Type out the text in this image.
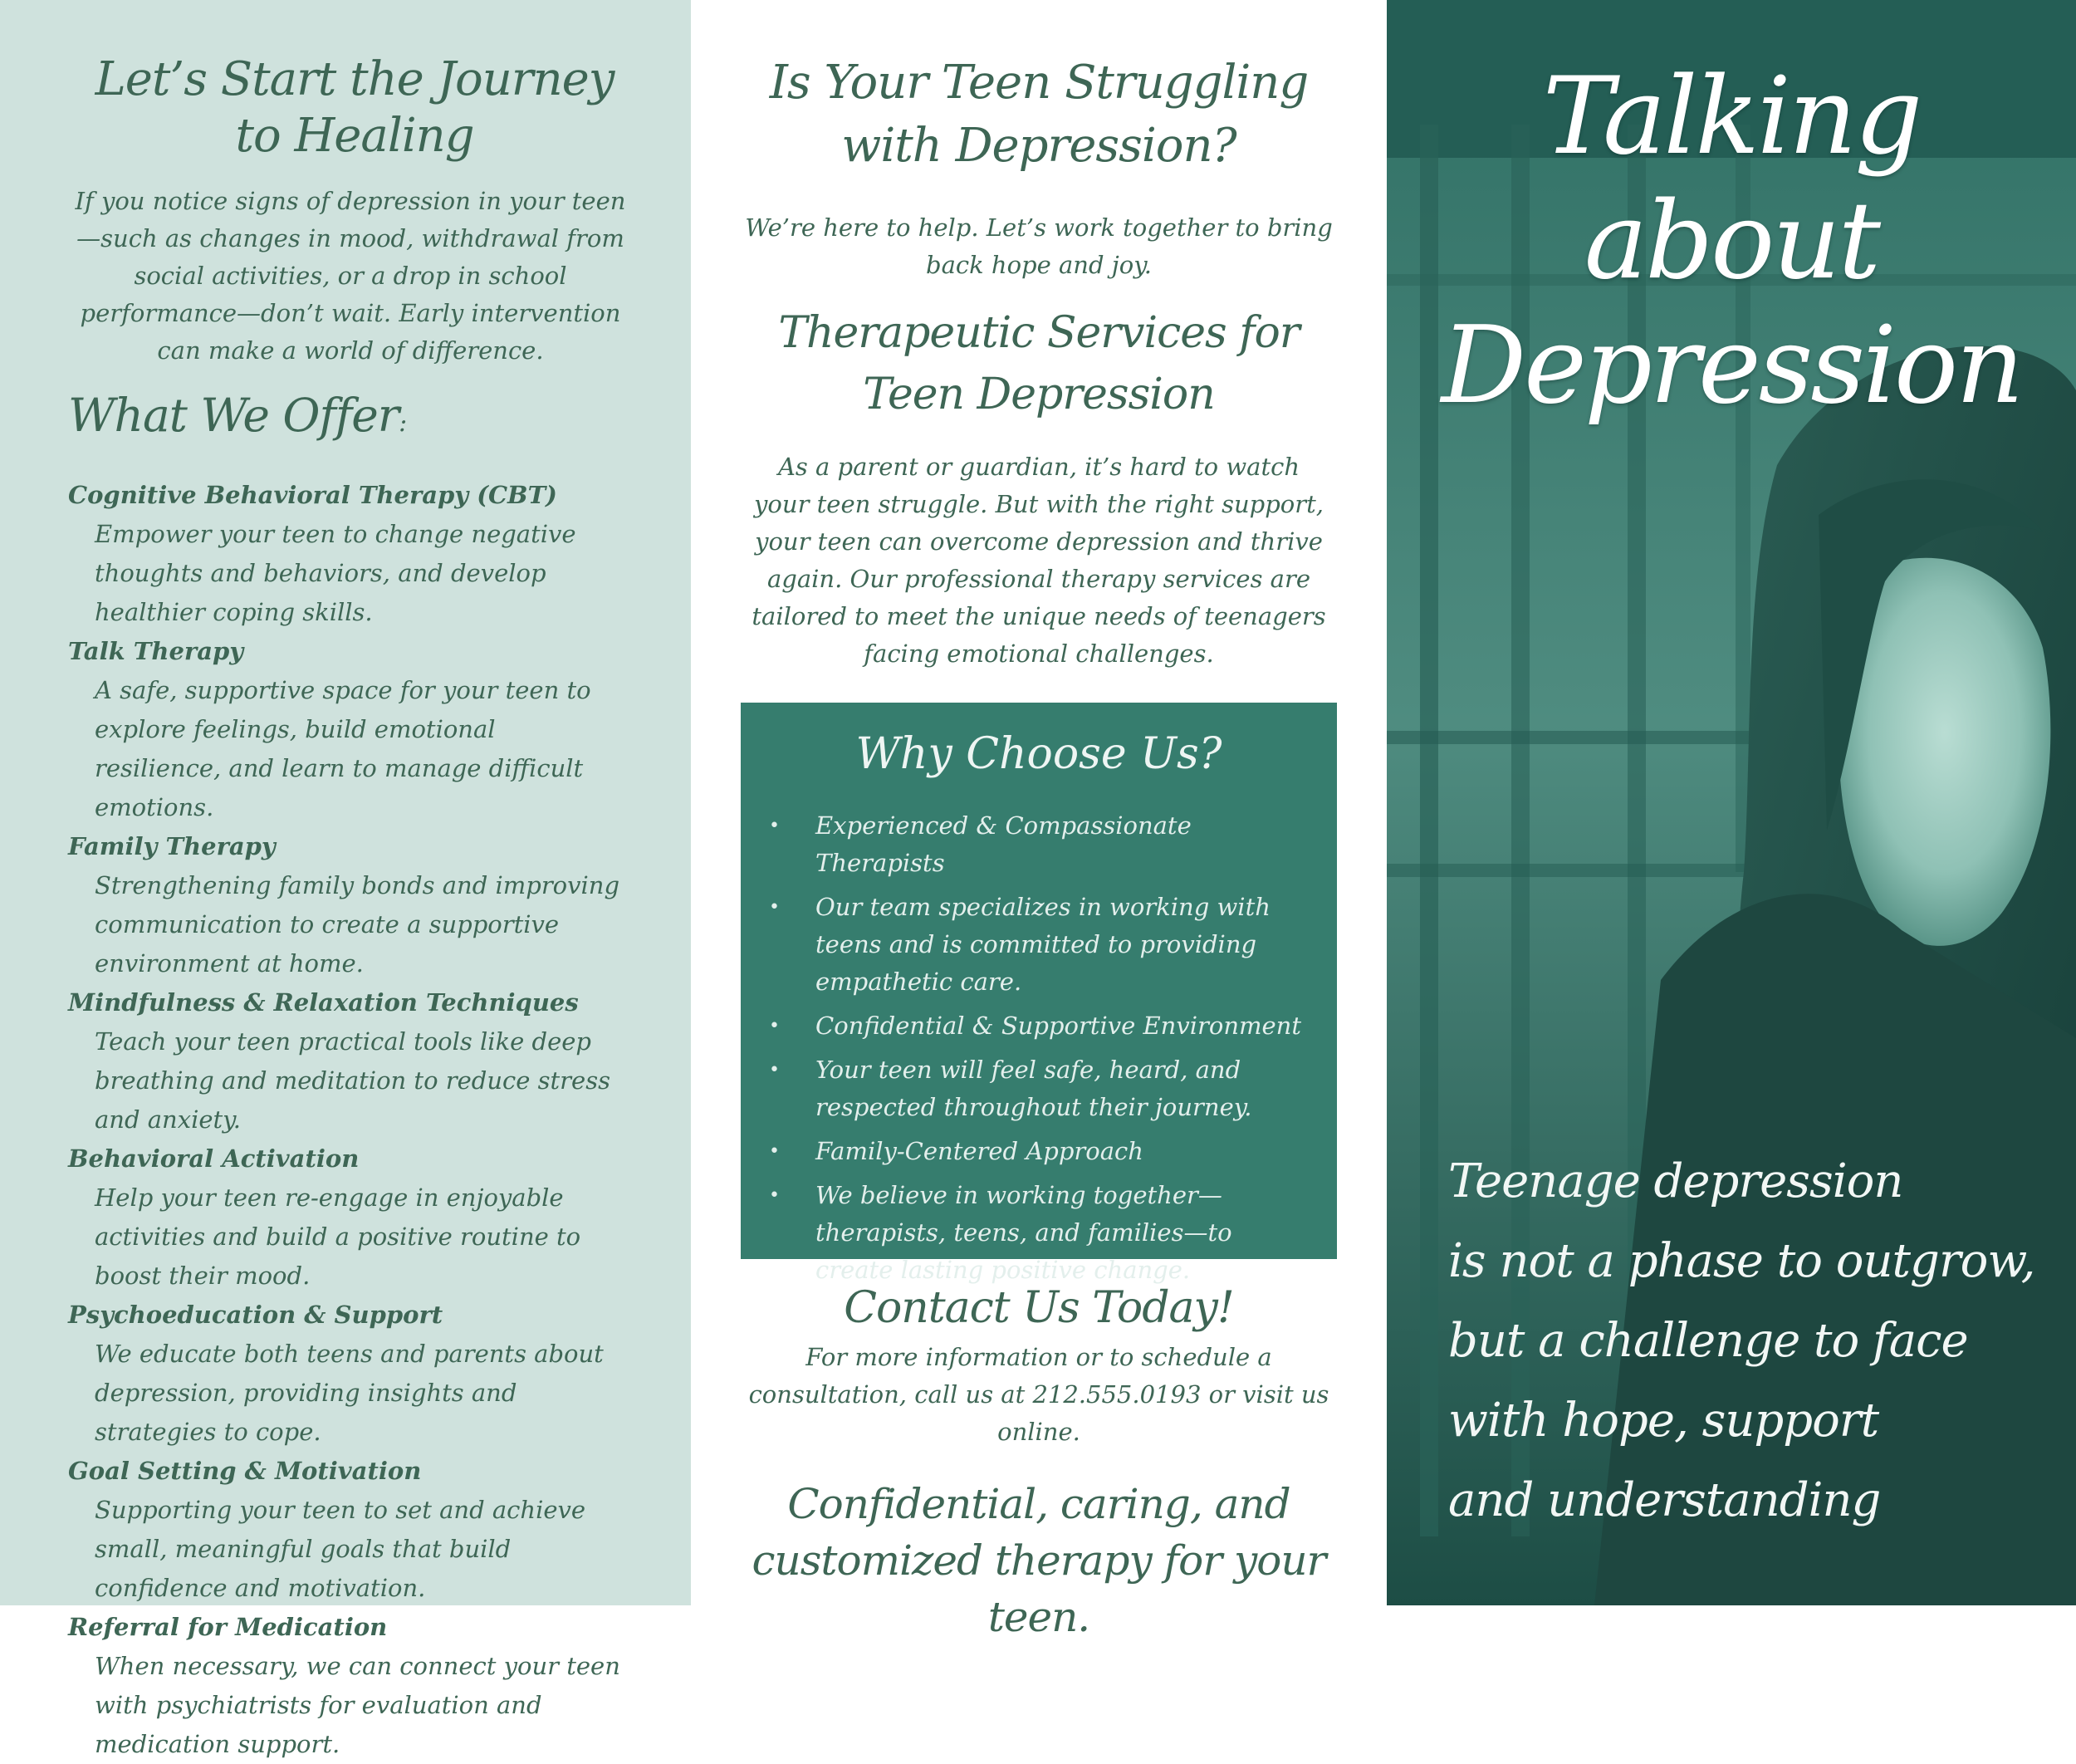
Let’s Start the Journey
to Healing

If you notice signs of depression in your teen—such as changes in mood, withdrawal from social activities, or a drop in school performance—don’t wait. Early intervention can make a world of difference.

What We Offer:
Cognitive Behavioral Therapy (CBT)
Empower your teen to change negative thoughts and behaviors, and develop healthier coping skills.
Talk Therapy
A safe, supportive space for your teen to explore feelings, build emotional resilience, and learn to manage difficult emotions.
Family Therapy
Strengthening family bonds and improving communication to create a supportive environment at home.
Mindfulness & Relaxation Techniques
Teach your teen practical tools like deep breathing and meditation to reduce stress and anxiety.
Behavioral Activation
Help your teen re-engage in enjoyable activities and build a positive routine to boost their mood.
Psychoeducation & Support
We educate both teens and parents about depression, providing insights and strategies to cope.
Goal Setting & Motivation
Supporting your teen to set and achieve small, meaningful goals that build confidence and motivation.
Referral for Medication
When necessary, we can connect your teen with psychiatrists for evaluation and medication support.
Is Your Teen Struggling
with Depression?

We’re here to help. Let’s work together to bring back hope and joy.

Therapeutic Services for
Teen Depression

As a parent or guardian, it’s hard to watch your teen struggle. But with the right support, your teen can overcome depression and thrive again. Our professional therapy services are tailored to meet the unique needs of teenagers facing emotional challenges.

Why Choose Us?
• Experienced & Compassionate Therapists
• Our team specializes in working with teens and is committed to providing empathetic care.
• Confidential & Supportive Environment
• Your teen will feel safe, heard, and respected throughout their journey.
• Family-Centered Approach
• We believe in working together—therapists, teens, and families—to create lasting positive change.
Contact Us Today!

For more information or to schedule a consultation, call us at 212.555.0193 or visit us online.

Confidential, caring, and
customized therapy for your teen.

Talking about
Depression
Teenage depression
is not a phase to outgrow,
but a challenge to face
with hope, support
and understanding
